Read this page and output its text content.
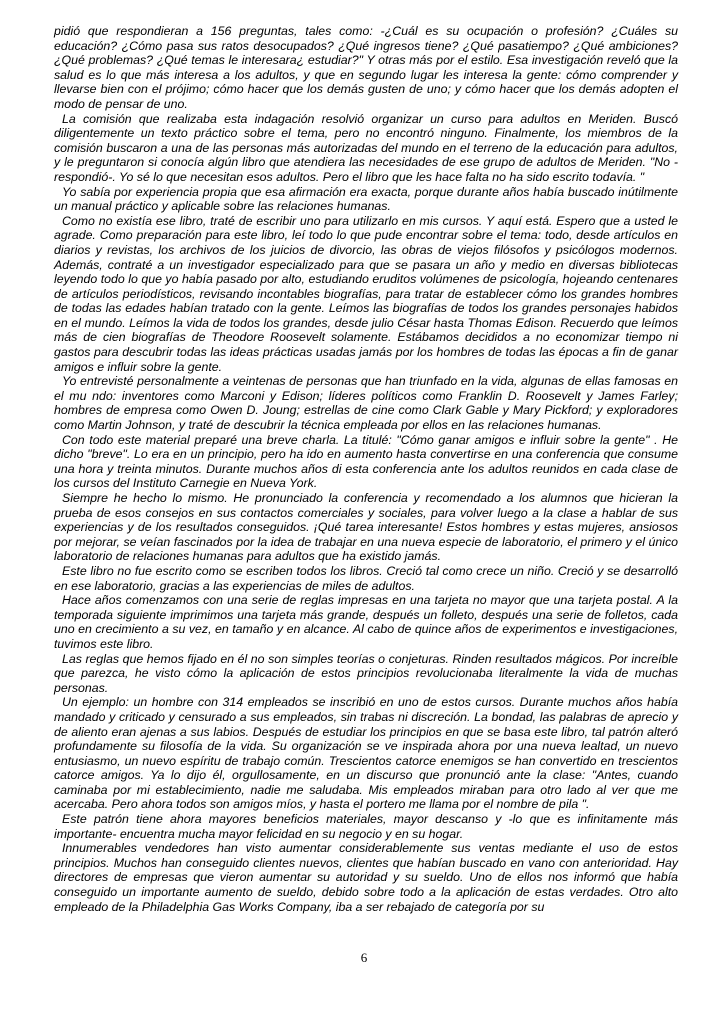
pidió que respondieran a 156 preguntas, tales como: -¿Cuál es su ocupación o profesión? ¿Cuáles su educación? ¿Cómo pasa sus ratos desocupados? ¿Qué ingresos tiene? ¿Qué pasatiempo? ¿Qué ambiciones? ¿Qué problemas? ¿Qué temas le interesara¿ estudiar?" Y otras más por el estilo. Esa investigación reveló que la salud es lo que más interesa a los adultos, y que en segundo lugar les interesa la gente: cómo comprender y llevarse bien con el prójimo; cómo hacer que los demás gusten de uno; y cómo hacer que los demás adopten el modo de pensar de uno.

La comisión que realizaba esta indagación resolvió organizar un curso para adultos en Meriden. Buscó diligentemente un texto práctico sobre el tema, pero no encontró ninguno. Finalmente, los miembros de la comisión buscaron a una de las personas más autorizadas del mundo en el terreno de la educación para adultos, y le preguntaron si conocía algún libro que atendiera las necesidades de ese grupo de adultos de Meriden. "No -respondió-. Yo sé lo que necesitan esos adultos. Pero el libro que les hace falta no ha sido escrito todavía. "

Yo sabía por experiencia propia que esa afirmación era exacta, porque durante años había buscado inútilmente un manual práctico y aplicable sobre las relaciones humanas.

Como no existía ese libro, traté de escribir uno para utilizarlo en mis cursos. Y aquí está. Espero que a usted le agrade. Como preparación para este libro, leí todo lo que pude encontrar sobre el tema: todo, desde artículos en diarios y revistas, los archivos de los juicios de divorcio, las obras de viejos filósofos y psicólogos modernos. Además, contraté a un investigador especializado para que se pasara un año y medio en diversas bibliotecas leyendo todo lo que yo había pasado por alto, estudiando eruditos volúmenes de psicología, hojeando centenares de artículos periodísticos, revisando incontables biografías, para tratar de establecer cómo los grandes hombres de todas las edades habían tratado con la gente. Leímos las biografías de todos los grandes personajes habidos en el mundo. Leímos la vida de todos los grandes, desde julio César hasta Thomas Edison. Recuerdo que leímos más de cien biografías de Theodore Roosevelt solamente. Estábamos decididos a no economizar tiempo ni gastos para descubrir todas las ideas prácticas usadas jamás por los hombres de todas las épocas a fin de ganar amigos e influir sobre la gente.

Yo entrevisté personalmente a veintenas de personas que han triunfado en la vida, algunas de ellas famosas en el mu ndo: inventores como Marconi y Edison; líderes políticos como Franklin D. Roosevelt y James Farley; hombres de empresa como Owen D. Joung; estrellas de cine como Clark Gable y Mary Pickford; y exploradores como Martin Johnson, y traté de descubrir la técnica empleada por ellos en las relaciones humanas.

Con todo este material preparé una breve charla. La titulé: "Cómo ganar amigos e influir sobre la gente" . He dicho "breve". Lo era en un principio, pero ha ido en aumento hasta convertirse en una conferencia que consume una hora y treinta minutos. Durante muchos años di esta conferencia ante los adultos reunidos en cada clase de los cursos del Instituto Carnegie en Nueva York.

Siempre he hecho lo mismo. He pronunciado la conferencia y recomendado a los alumnos que hicieran la prueba de esos consejos en sus contactos comerciales y sociales, para volver luego a la clase a hablar de sus experiencias y de los resultados conseguidos. ¡Qué tarea interesante! Estos hombres y estas mujeres, ansiosos por mejorar, se veían fascinados por la idea de trabajar en una nueva especie de laboratorio, el primero y el único laboratorio de relaciones humanas para adultos que ha existido jamás.

Este libro no fue escrito como se escriben todos los libros. Creció tal como crece un niño. Creció y se desarrolló en ese laboratorio, gracias a las experiencias de miles de adultos.

Hace años comenzamos con una serie de reglas impresas en una tarjeta no mayor que una tarjeta postal. A la temporada siguiente imprimimos una tarjeta más grande, después un folleto, después una serie de folletos, cada uno en crecimiento a su vez, en tamaño y en alcance. Al cabo de quince años de experimentos e investigaciones, tuvimos este libro.

Las reglas que hemos fijado en él no son simples teorías o conjeturas. Rinden resultados mágicos. Por increíble que parezca, he visto cómo la aplicación de estos principios revolucionaba literalmente la vida de muchas personas.

Un ejemplo: un hombre con 314 empleados se inscribió en uno de estos cursos. Durante muchos años había mandado y criticado y censurado a sus empleados, sin trabas ni discreción. La bondad, las palabras de aprecio y de aliento eran ajenas a sus labios. Después de estudiar los principios en que se basa este libro, tal patrón alteró profundamente su filosofía de la vida. Su organización se ve inspirada ahora por una nueva lealtad, un nuevo entusiasmo, un nuevo espíritu de trabajo común. Trescientos catorce enemigos se han convertido en trescientos catorce amigos. Ya lo dijo él, orgullosamente, en un discurso que pronunció ante la clase: "Antes, cuando caminaba por mi establecimiento, nadie me saludaba. Mis empleados miraban para otro lado al ver que me acercaba. Pero ahora todos son amigos míos, y hasta el portero me llama por el nombre de pila ".

Este patrón tiene ahora mayores beneficios materiales, mayor descanso y -lo que es infinitamente más importante- encuentra mucha mayor felicidad en su negocio y en su hogar.

Innumerables vendedores han visto aumentar considerablemente sus ventas mediante el uso de estos principios. Muchos han conseguido clientes nuevos, clientes que habían buscado en vano con anterioridad. Hay directores de empresas que vieron aumentar su autoridad y su sueldo. Uno de ellos nos informó que había conseguido un importante aumento de sueldo, debido sobre todo a la aplicación de estas verdades. Otro alto empleado de la Philadelphia Gas Works Company, iba a ser rebajado de categoría por su

6
